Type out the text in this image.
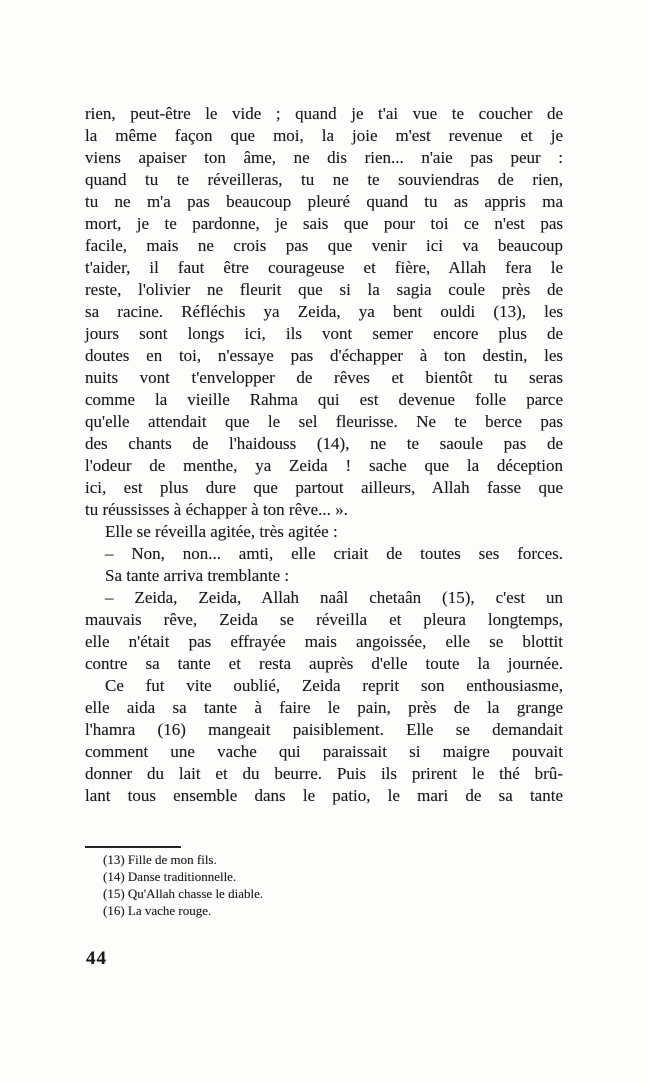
rien, peut-être le vide ; quand je t'ai vue te coucher de
la même façon que moi, la joie m'est revenue et je
viens apaiser ton âme, ne dis rien... n'aie pas peur :
quand tu te réveilleras, tu ne te souviendras de rien,
tu ne m'a pas beaucoup pleuré quand tu as appris ma
mort, je te pardonne, je sais que pour toi ce n'est pas
facile, mais ne crois pas que venir ici va beaucoup
t'aider, il faut être courageuse et fière, Allah fera le
reste, l'olivier ne fleurit que si la sagia coule près de
sa racine. Réfléchis ya Zeida, ya bent ouldi (13), les
jours sont longs ici, ils vont semer encore plus de
doutes en toi, n'essaye pas d'échapper à ton destin, les
nuits vont t'envelopper de rêves et bientôt tu seras
comme la vieille Rahma qui est devenue folle parce
qu'elle attendait que le sel fleurisse. Ne te berce pas
des chants de l'haidouss (14), ne te saoule pas de
l'odeur de menthe, ya Zeida ! sache que la déception
ici, est plus dure que partout ailleurs, Allah fasse que
tu réussisses à échapper à ton rêve... ».
Elle se réveilla agitée, très agitée :
– Non, non... amti, elle criait de toutes ses forces.
Sa tante arriva tremblante :
– Zeida, Zeida, Allah naâl chetaân (15), c'est un
mauvais rêve, Zeida se réveilla et pleura longtemps,
elle n'était pas effrayée mais angoissée, elle se blottit
contre sa tante et resta auprès d'elle toute la journée.
Ce fut vite oublié, Zeida reprit son enthousiasme,
elle aida sa tante à faire le pain, près de la grange
l'hamra (16) mangeait paisiblement. Elle se demandait
comment une vache qui paraissait si maigre pouvait
donner du lait et du beurre. Puis ils prirent le thé brû-
lant tous ensemble dans le patio, le mari de sa tante
(13) Fille de mon fils.
(14) Danse traditionnelle.
(15) Qu'Allah chasse le diable.
(16) La vache rouge.
44
